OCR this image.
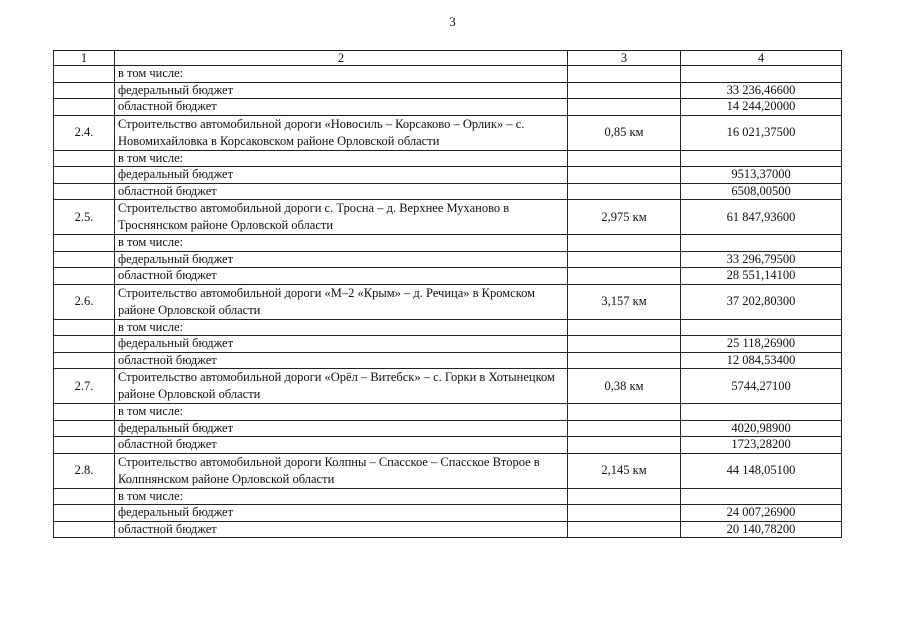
3
1	2	3	4
	в том числе:		
	федеральный бюджет		33 236,46600
	областной бюджет		14 244,20000
2.4.	Строительство автомобильной дороги «Новосиль – Корсаково – Орлик» – с. Новомихайловка в Корсаковском районе Орловской области	0,85 км	16 021,37500
	в том числе:		
	федеральный бюджет		9513,37000
	областной бюджет		6508,00500
2.5.	Строительство автомобильной дороги с. Тросна – д. Верхнее Муханово в Троснянском районе Орловской области	2,975 км	61 847,93600
	в том числе:		
	федеральный бюджет		33 296,79500
	областной бюджет		28 551,14100
2.6.	Строительство автомобильной дороги «М–2 «Крым» – д. Речица» в Кромском районе Орловской области	3,157 км	37 202,80300
	в том числе:		
	федеральный бюджет		25 118,26900
	областной бюджет		12 084,53400
2.7.	Строительство автомобильной дороги «Орёл – Витебск» – с. Горки в Хотынецком районе Орловской области	0,38 км	5744,27100
	в том числе:		
	федеральный бюджет		4020,98900
	областной бюджет		1723,28200
2.8.	Строительство автомобильной дороги Колпны – Спасское – Спасское Второе в Колпнянском районе Орловской области	2,145 км	44 148,05100
	в том числе:		
	федеральный бюджет		24 007,26900
	областной бюджет		20 140,78200
